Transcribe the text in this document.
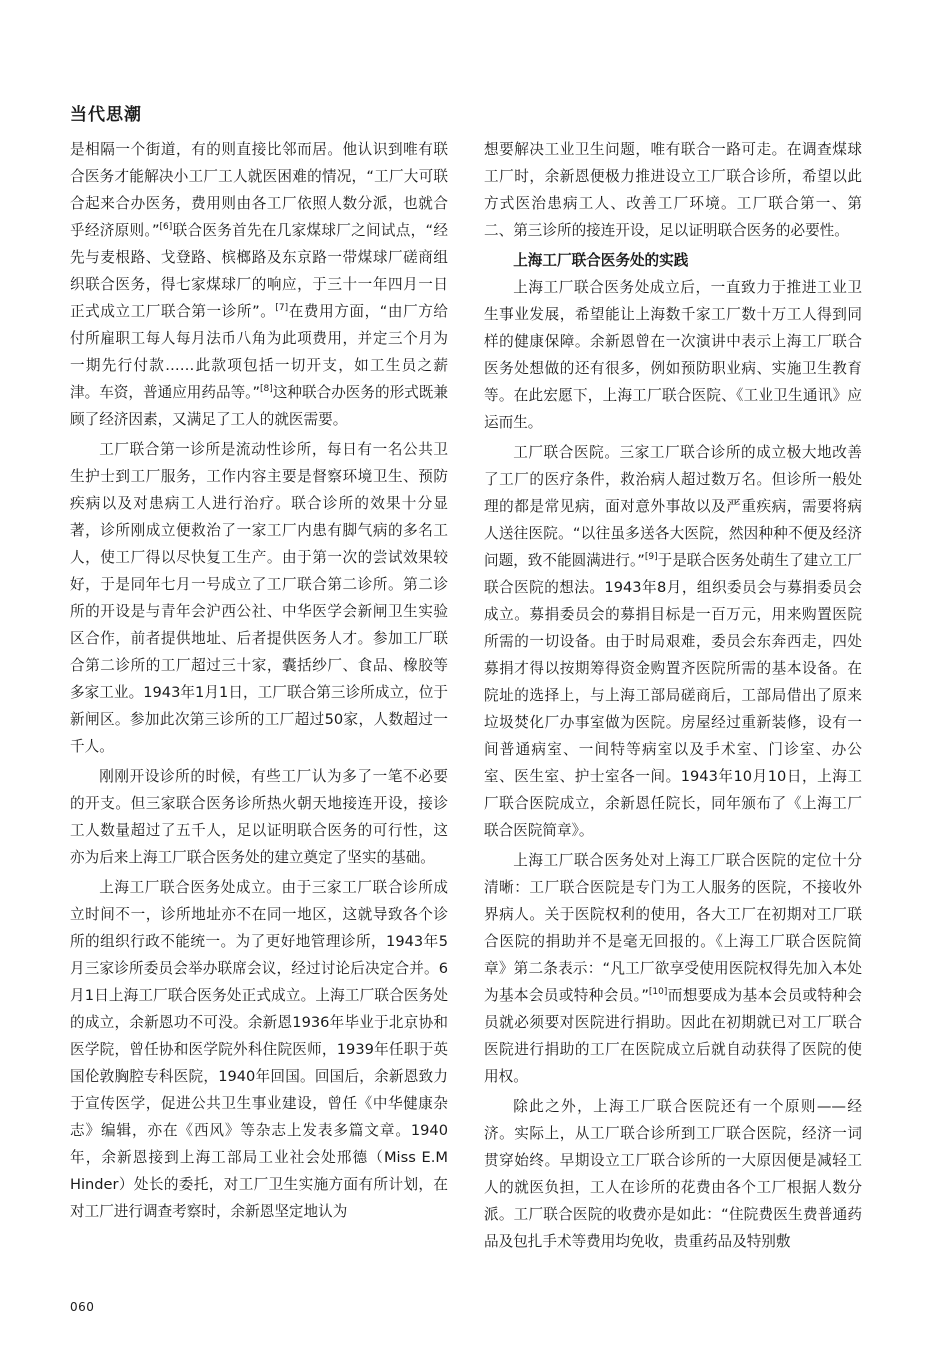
当代思潮

是相隔一个街道，有的则直接比邻而居。他认识到唯有联合医务才能解决小工厂工人就医困难的情况，“工厂大可联合起来合办医务，费用则由各工厂依照人数分派，也就合乎经济原则。”[6]联合医务首先在几家煤球厂之间试点，“经先与麦根路、戈登路、槟榔路及东京路一带煤球厂磋商组织联合医务，得七家煤球厂的响应，于三十一年四月一日正式成立工厂联合第一诊所”。[7]在费用方面，“由厂方给付所雇职工每人每月法币八角为此项费用，并定三个月为一期先行付款……此款项包括一切开支，如工生员之薪津。车资，普通应用药品等。”[8]这种联合办医务的形式既兼顾了经济因素，又满足了工人的就医需要。

工厂联合第一诊所是流动性诊所，每日有一名公共卫生护士到工厂服务，工作内容主要是督察环境卫生、预防疾病以及对患病工人进行治疗。联合诊所的效果十分显著，诊所刚成立便救治了一家工厂内患有脚气病的多名工人，使工厂得以尽快复工生产。由于第一次的尝试效果较好，于是同年七月一号成立了工厂联合第二诊所。第二诊所的开设是与青年会沪西公社、中华医学会新闸卫生实验区合作，前者提供地址、后者提供医务人才。参加工厂联合第二诊所的工厂超过三十家，囊括纱厂、食品、橡胶等多家工业。1943年1月1日，工厂联合第三诊所成立，位于新闸区。参加此次第三诊所的工厂超过50家，人数超过一千人。

刚刚开设诊所的时候，有些工厂认为多了一笔不必要的开支。但三家联合医务诊所热火朝天地接连开设，接诊工人数量超过了五千人，足以证明联合医务的可行性，这亦为后来上海工厂联合医务处的建立奠定了坚实的基础。

上海工厂联合医务处成立。由于三家工厂联合诊所成立时间不一，诊所地址亦不在同一地区，这就导致各个诊所的组织行政不能统一。为了更好地管理诊所，1943年5月三家诊所委员会举办联席会议，经过讨论后决定合并。6月1日上海工厂联合医务处正式成立。上海工厂联合医务处的成立，余新恩功不可没。余新恩1936年毕业于北京协和医学院，曾任协和医学院外科住院医师，1939年任职于英国伦敦胸腔专科医院，1940年回国。回国后，余新恩致力于宣传医学，促进公共卫生事业建设，曾任《中华健康杂志》编辑，亦在《西风》等杂志上发表多篇文章。1940年，余新恩接到上海工部局工业社会处邢德（Miss E.M Hinder）处长的委托，对工厂卫生实施方面有所计划，在对工厂进行调查考察时，余新恩坚定地认为

想要解决工业卫生问题，唯有联合一路可走。在调查煤球工厂时，余新恩便极力推进设立工厂联合诊所，希望以此方式医治患病工人、改善工厂环境。工厂联合第一、第二、第三诊所的接连开设，足以证明联合医务的必要性。

上海工厂联合医务处的实践

上海工厂联合医务处成立后，一直致力于推进工业卫生事业发展，希望能让上海数千家工厂数十万工人得到同样的健康保障。余新恩曾在一次演讲中表示上海工厂联合医务处想做的还有很多，例如预防职业病、实施卫生教育等。在此宏愿下，上海工厂联合医院、《工业卫生通讯》应运而生。

工厂联合医院。三家工厂联合诊所的成立极大地改善了工厂的医疗条件，救治病人超过数万名。但诊所一般处理的都是常见病，面对意外事故以及严重疾病，需要将病人送往医院。“以往虽多送各大医院，然因种种不便及经济问题，致不能圆满进行。”[9]于是联合医务处萌生了建立工厂联合医院的想法。1943年8月，组织委员会与募捐委员会成立。募捐委员会的募捐目标是一百万元，用来购置医院所需的一切设备。由于时局艰难，委员会东奔西走，四处募捐才得以按期筹得资金购置齐医院所需的基本设备。在院址的选择上，与上海工部局磋商后，工部局借出了原来垃圾焚化厂办事室做为医院。房屋经过重新装修，设有一间普通病室、一间特等病室以及手术室、门诊室、办公室、医生室、护士室各一间。1943年10月10日，上海工厂联合医院成立，余新恩任院长，同年颁布了《上海工厂联合医院简章》。

上海工厂联合医务处对上海工厂联合医院的定位十分清晰：工厂联合医院是专门为工人服务的医院，不接收外界病人。关于医院权利的使用，各大工厂在初期对工厂联合医院的捐助并不是毫无回报的。《上海工厂联合医院简章》第二条表示：“凡工厂欲享受使用医院权得先加入本处为基本会员或特种会员。”[10]而想要成为基本会员或特种会员就必须要对医院进行捐助。因此在初期就已对工厂联合医院进行捐助的工厂在医院成立后就自动获得了医院的使用权。

除此之外，上海工厂联合医院还有一个原则——经济。实际上，从工厂联合诊所到工厂联合医院，经济一词贯穿始终。早期设立工厂联合诊所的一大原因便是减轻工人的就医负担，工人在诊所的花费由各个工厂根据人数分派。工厂联合医院的收费亦是如此：“住院费医生费普通药品及包扎手术等费用均免收，贵重药品及特别敷

060
